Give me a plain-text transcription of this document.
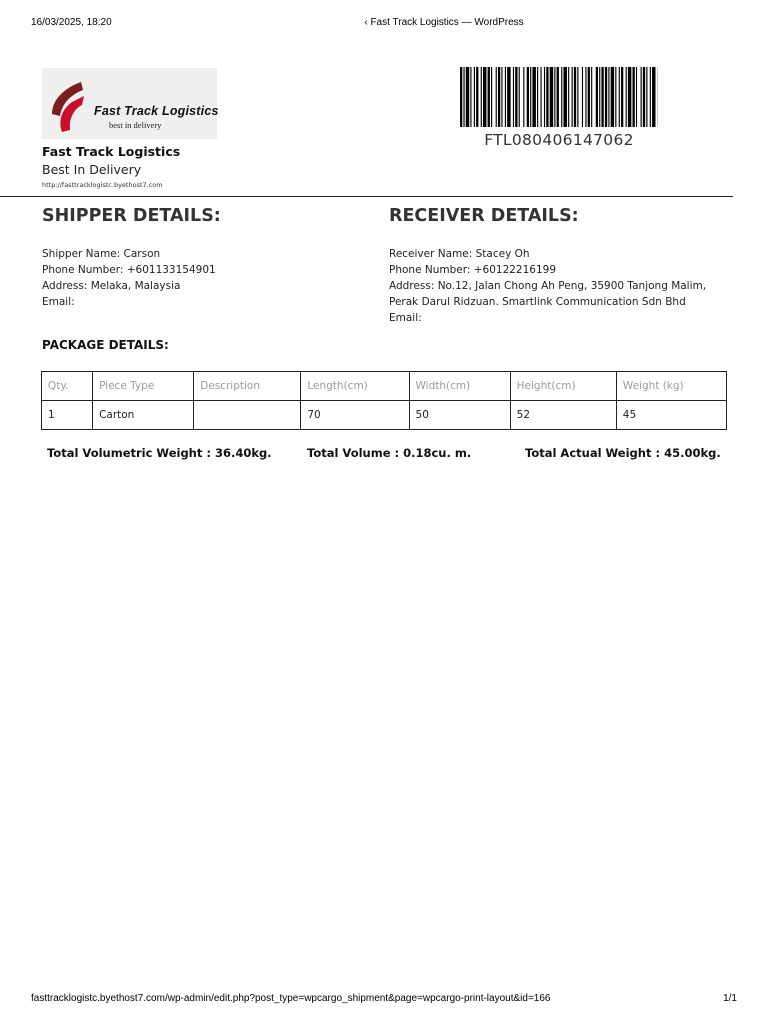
16/03/2025, 18:20	‹ Fast Track Logistics — WordPress
Fast Track Logistics
best in delivery
Fast Track Logistics
Best In Delivery
http://fasttracklogistc.byethost7.com
FTL080406147062
SHIPPER DETAILS:	RECEIVER DETAILS:
Shipper Name: Carson
Phone Number: +601133154901
Address: Melaka, Malaysia
Email:
Receiver Name: Stacey Oh
Phone Number: +60122216199
Address: No.12, Jalan Chong Ah Peng, 35900 Tanjong Malim, Perak Darul Ridzuan. Smartlink Communication Sdn Bhd
Email:
PACKAGE DETAILS:
Qty.	Piece Type	Description	Length(cm)	Width(cm)	Height(cm)	Weight (kg)
1	Carton		70	50	52	45
Total Volumetric Weight : 36.40kg.	Total Volume : 0.18cu. m.	Total Actual Weight : 45.00kg.
fasttracklogistc.byethost7.com/wp-admin/edit.php?post_type=wpcargo_shipment&page=wpcargo-print-layout&id=166	1/1
